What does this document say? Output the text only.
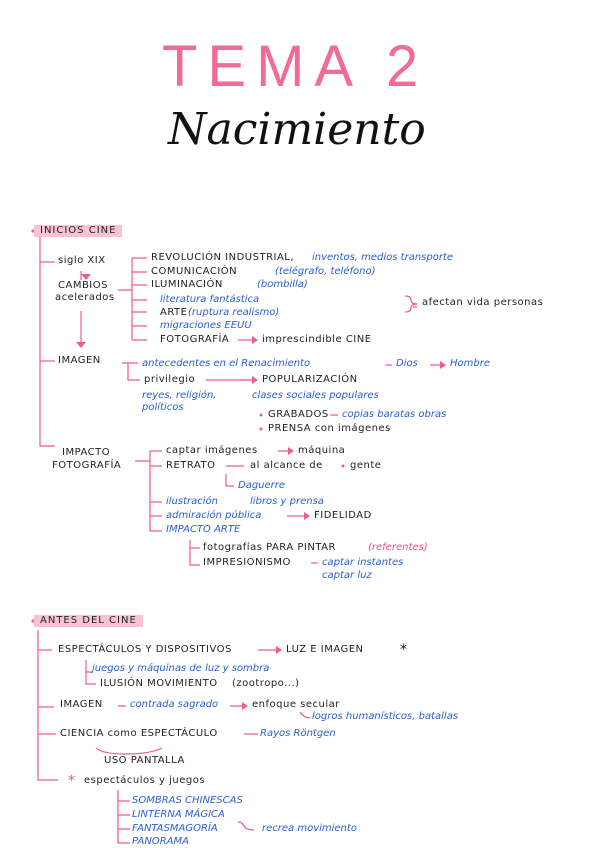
TEMA 2
Nacimiento
INICIOS CINE
siglo XIX
CAMBIOS
acelerados
REVOLUCIÓN INDUSTRIAL, inventos, medios transporte
COMUNICACIÓN	(telégrafo, teléfono)
ILUMINACIÓN	(bombilla)
literatura fantástica
ARTE (ruptura realismo)
migraciones EEUU
FOTOGRAFÍA	imprescindible CINE
afectan vida personas
IMAGEN	antecedentes en el Renacimiento	Dios	Hombre
privilegio	POPULARIZACIÓN
reyes, religión,
políticos
clases sociales populares
GRABADOS copias baratas obras
PRENSA con imágenes
IMPACTO
FOTOGRAFÍA
captar imágenes	máquina
RETRATO	al alcance de	gente
Daguerre
ilustración	libros y prensa
admiración pública	FIDELIDAD
IMPACTO ARTE
fotografías PARA PINTAR	(referentes)
IMPRESIONISMO	captar instantes
captar luz
ANTES DEL CINE
ESPECTÁCULOS Y DISPOSITIVOS	LUZ E IMAGEN	*
juegos y máquinas de luz y sombra
ILUSIÓN MOVIMIENTO (zootropo...)
IMAGEN	contrada sagrado	enfoque secular
logros humanísticos, batallas
CIENCIA como ESPECTÁCULO	Rayos Röntgen
USO PANTALLA
* espectáculos y juegos
SOMBRAS CHINESCAS
LINTERNA MÁGICA
FANTASMAGORÍA
PANORAMA
recrea movimiento
